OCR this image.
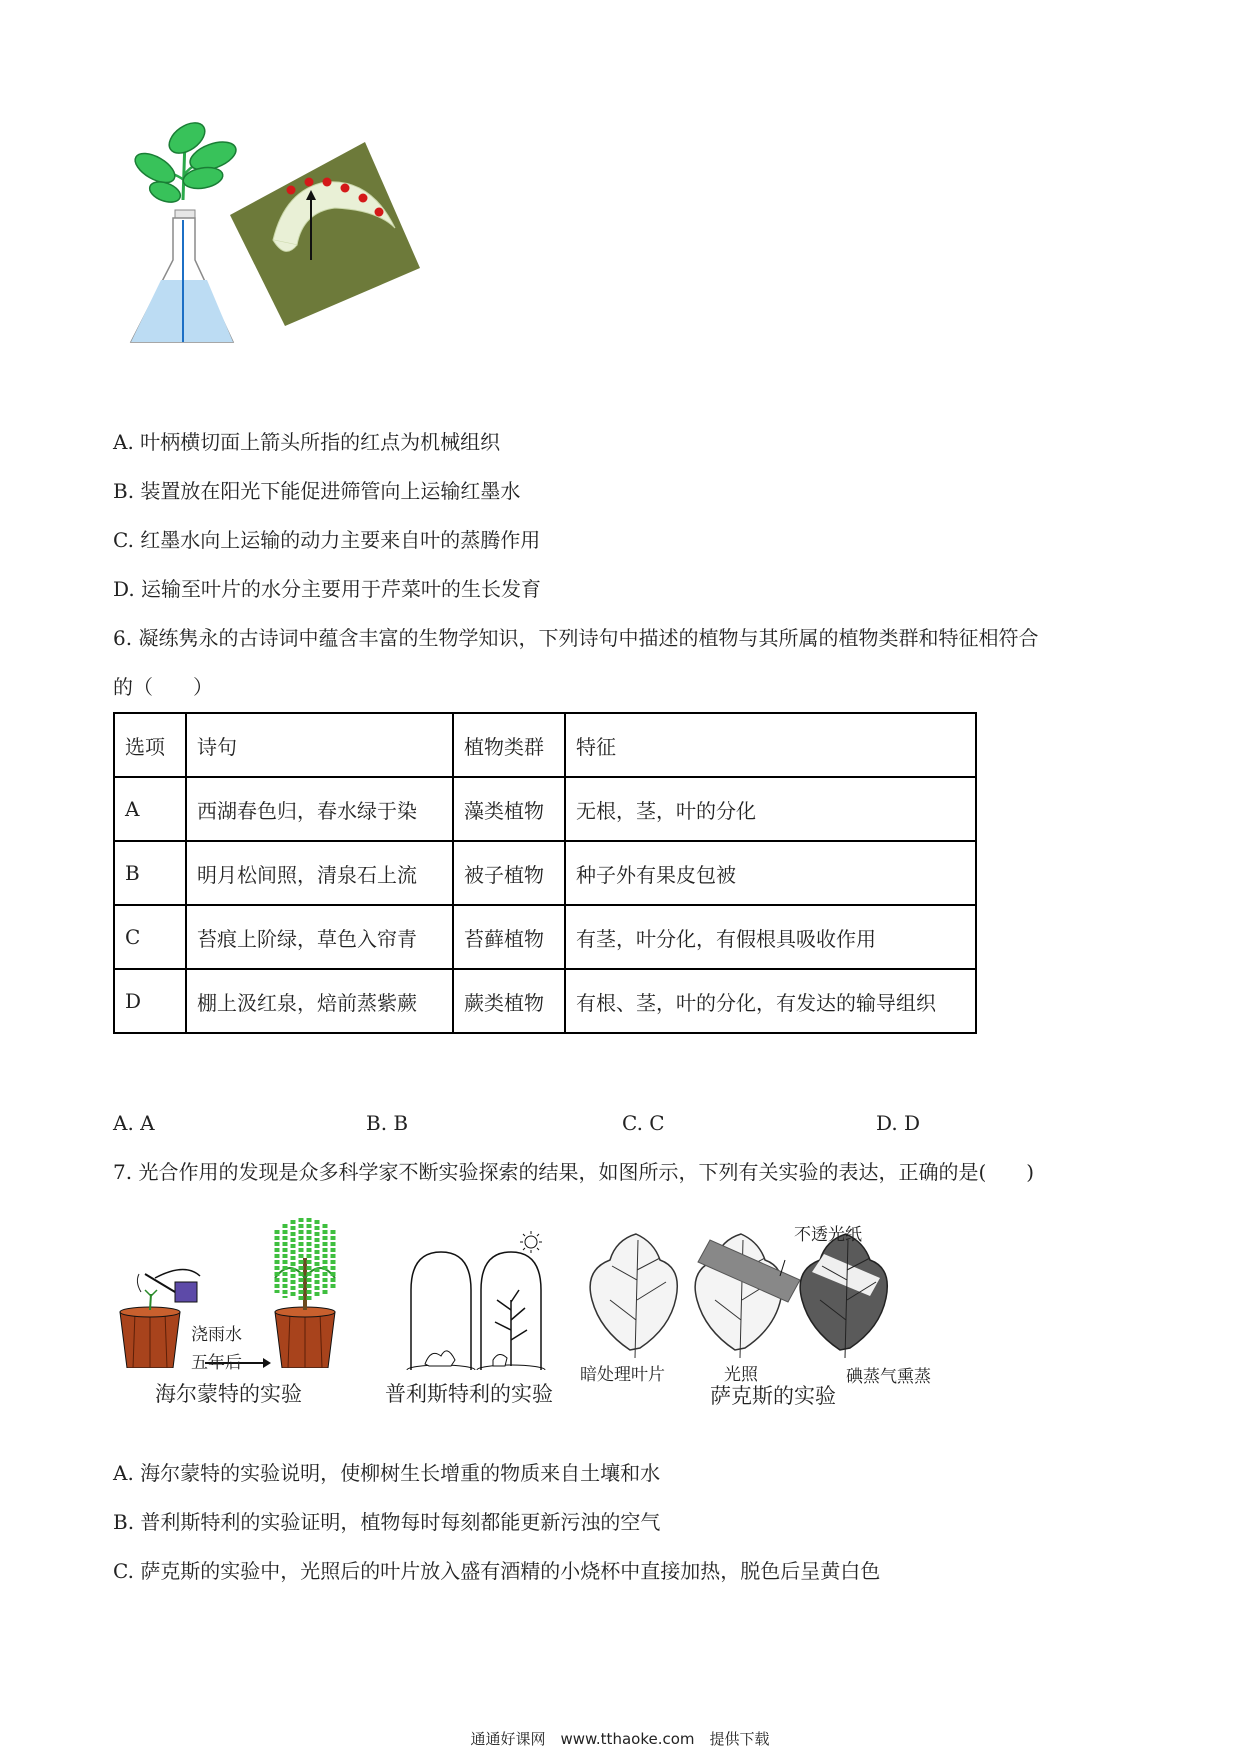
A. 叶柄横切面上箭头所指的红点为机械组织
B. 装置放在阳光下能促进筛管向上运输红墨水
C. 红墨水向上运输的动力主要来自叶的蒸腾作用
D. 运输至叶片的水分主要用于芹菜叶的生长发育
6. 凝练隽永的古诗词中蕴含丰富的生物学知识，下列诗句中描述的植物与其所属的植物类群和特征相符合
的（　　）
选项	诗句	植物类群	特征
A	西湖春色归，春水绿于染	藻类植物	无根，茎，叶的分化
B	明月松间照，清泉石上流	被子植物	种子外有果皮包被
C	苔痕上阶绿，草色入帘青	苔藓植物	有茎，叶分化，有假根具吸收作用
D	棚上汲红泉，焙前蒸紫蕨	蕨类植物	有根、茎，叶的分化，有发达的输导组织
A. A	B. B	C. C	D. D
7. 光合作用的发现是众多科学家不断实验探索的结果，如图所示，下列有关实验的表达，正确的是(　　)
浇雨水
五年后
海尔蒙特的实验	普利斯特利的实验
不透光纸
暗处理叶片	光照	碘蒸气熏蒸
萨克斯的实验
A. 海尔蒙特的实验说明，使柳树生长增重的物质来自土壤和水
B. 普利斯特利的实验证明，植物每时每刻都能更新污浊的空气
C. 萨克斯的实验中，光照后的叶片放入盛有酒精的小烧杯中直接加热，脱色后呈黄白色
通通好课网　www.tthaoke.com　提供下载
